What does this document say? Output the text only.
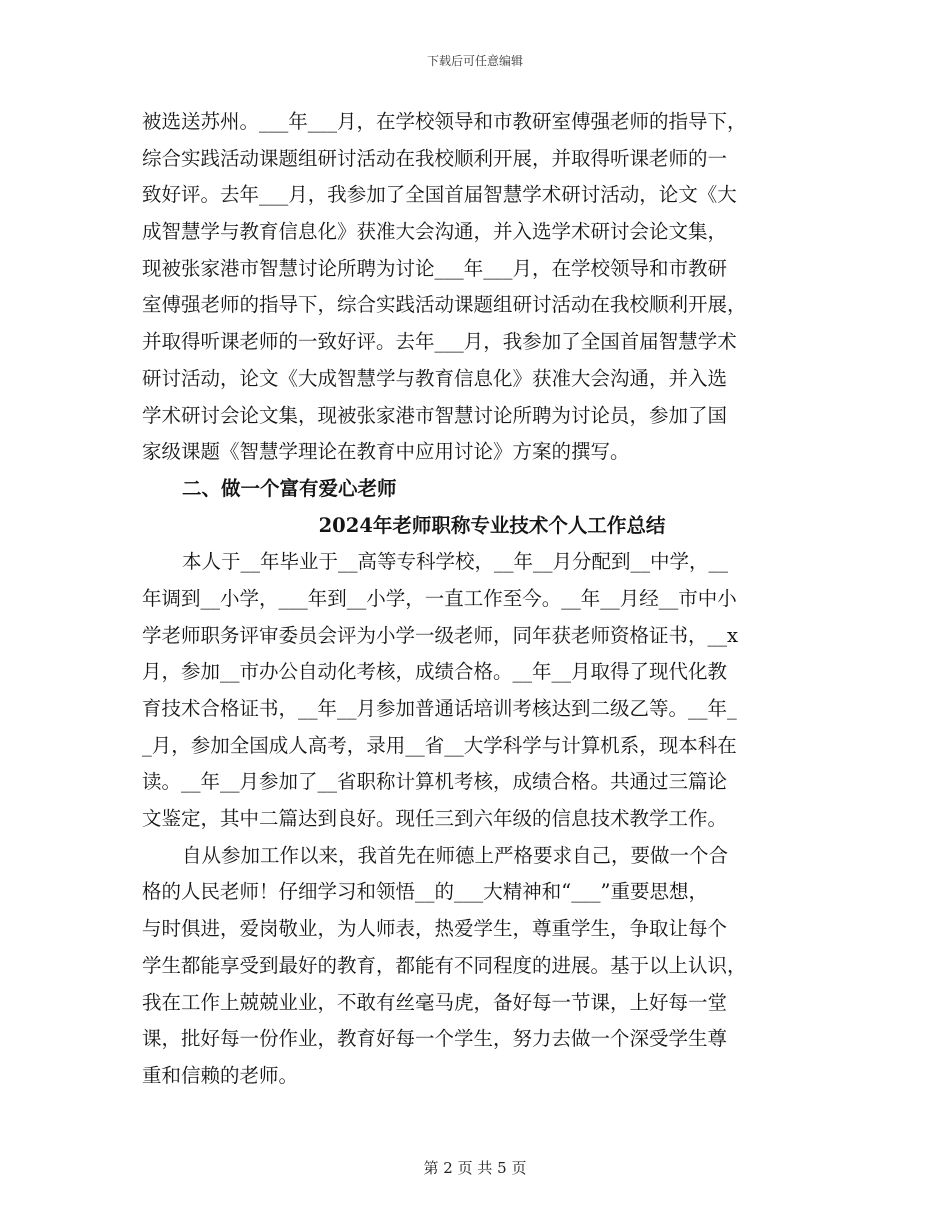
下载后可任意编辑
被选送苏州。___年___月，在学校领导和市教研室傅强老师的指导下，
综合实践活动课题组研讨活动在我校顺利开展，并取得听课老师的一
致好评。去年___月，我参加了全国首届智慧学术研讨活动，论文《大
成智慧学与教育信息化》获准大会沟通，并入选学术研讨会论文集，
现被张家港市智慧讨论所聘为讨论___年___月，在学校领导和市教研
室傅强老师的指导下，综合实践活动课题组研讨活动在我校顺利开展，
并取得听课老师的一致好评。去年___月，我参加了全国首届智慧学术
研讨活动，论文《大成智慧学与教育信息化》获准大会沟通，并入选
学术研讨会论文集，现被张家港市智慧讨论所聘为讨论员，参加了国
家级课题《智慧学理论在教育中应用讨论》方案的撰写。
二、做一个富有爱心老师
2024年老师职称专业技术个人工作总结
本人于__年毕业于__高等专科学校，__年__月分配到__中学，__
年调到__小学，___年到__小学，一直工作至今。__年__月经__市中小
学老师职务评审委员会评为小学一级老师，同年获老师资格证书，__x
月，参加__市办公自动化考核，成绩合格。__年__月取得了现代化教
育技术合格证书，__年__月参加普通话培训考核达到二级乙等。__年_
_月，参加全国成人高考，录用__省__大学科学与计算机系，现本科在
读。__年__月参加了__省职称计算机考核，成绩合格。共通过三篇论
文鉴定，其中二篇达到良好。现任三到六年级的信息技术教学工作。
自从参加工作以来，我首先在师德上严格要求自己，要做一个合
格的人民老师！仔细学习和领悟__的___大精神和“___”重要思想，
与时俱进，爱岗敬业，为人师表，热爱学生，尊重学生，争取让每个
学生都能享受到最好的教育，都能有不同程度的进展。基于以上认识，
我在工作上兢兢业业，不敢有丝毫马虎，备好每一节课，上好每一堂
课，批好每一份作业，教育好每一个学生，努力去做一个深受学生尊
重和信赖的老师。
第 2 页 共 5 页
